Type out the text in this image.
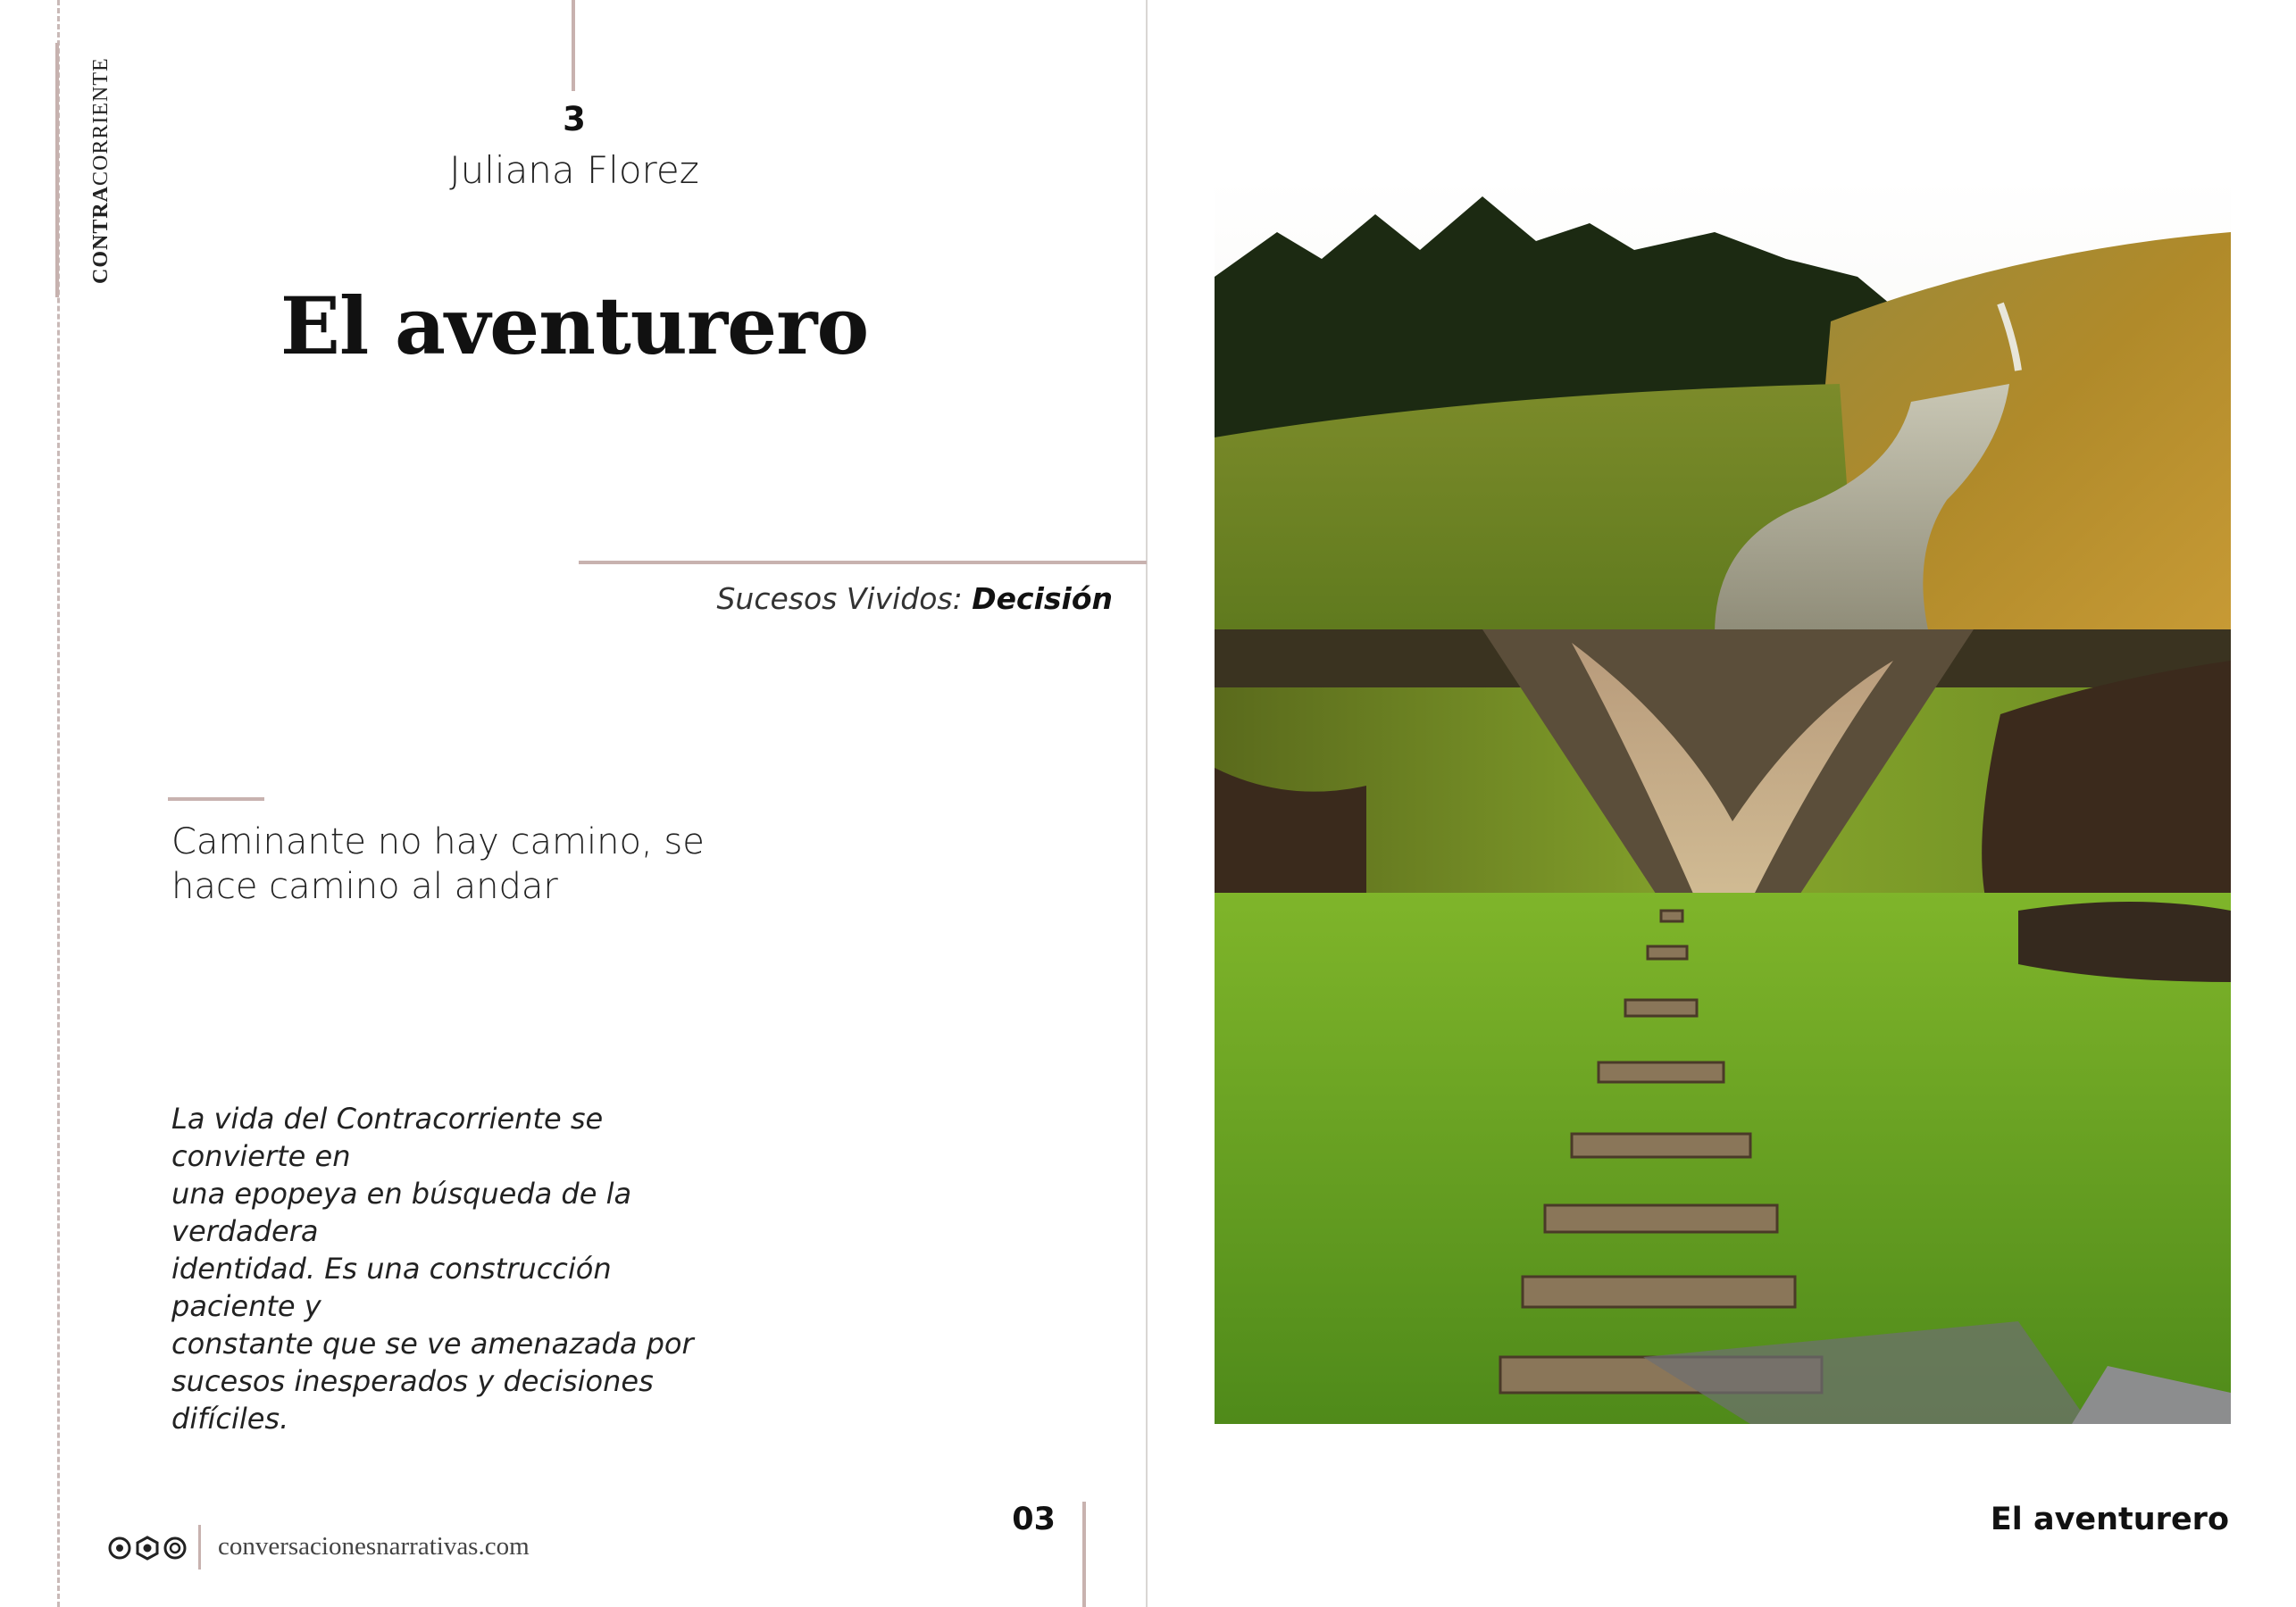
CONTRACORRIENTE	3
Juliana Florez
El aventurero
Sucesos Vividos: Decisión
Caminante no hay camino, se
hace camino al andar
La vida del Contracorriente se convierte en
una epopeya en búsqueda de la verdadera
identidad. Es una construcción paciente y
constante que se ve amenazada por
sucesos inesperados y decisiones difíciles.
conversacionesnarrativas.com
03	El aventurero
